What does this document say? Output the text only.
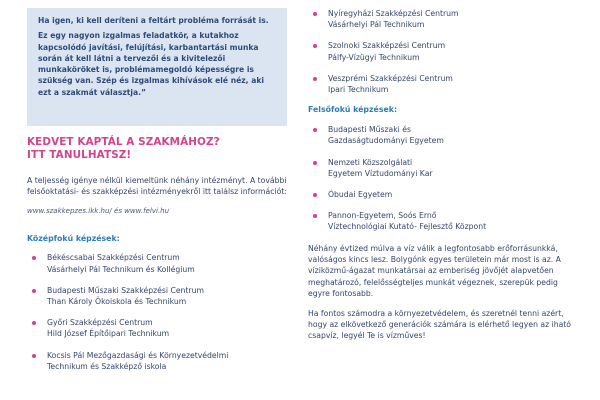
Ha igen, ki kell deríteni a feltárt probléma forrását is.

Ez egy nagyon izgalmas feladatkör, a kutakhoz kapcsolódó javítási, felújítási, karbantartási munka során át kell látni a tervezői és a kivitelezői munkaköröket is, problémamegoldó képességre is szükség van. Szép és izgalmas kihívások elé néz, aki ezt a szakmát választja.”

KEDVET KAPTÁL A SZAKMÁHOZ?
ITT TANULHATSZ!

A teljesség igénye nélkül kiemeltünk néhány intézményt. A további felsőoktatási- és szakképzési intézményekről itt találsz információt:

www.szakkepzes.ikk.hu/ és www.felvi.hu

Középfokú képzések:
Békéscsabai Szakképzési Centrum
Vásárhelyi Pál Technikum és Kollégium
Budapesti Műszaki Szakképzési Centrum
Than Károly Ökoiskola és Technikum
Győri Szakképzési Centrum
Hild József Építőipari Technikum
Kocsis Pál Mezőgazdasági és Környezetvédelmi
Technikum és Szakképző iskola
Nyíregyházi Szakképzési Centrum
Vásárhelyi Pál Technikum
Szolnoki Szakképzési Centrum
Pálfy-Vízügyi Technikum
Veszprémi Szakképzési Centrum
Ipari Technikum
Felsőfokú képzések:
Budapesti Műszaki és
Gazdaságtudományi Egyetem
Nemzeti Közszolgálati
Egyetem Víztudományi Kar
Óbudai Egyetem
Pannon-Egyetem, Soós Ernő
Víztechnológiai Kutató- Fejlesztő Központ

Néhány évtized múlva a víz válik a legfontosabb erőforrásunkká, valóságos kincs lesz. Bolygónk egyes területein már most is az. A víziközmű-ágazat munkatársai az emberiség jövőjét alapvetően meghatározó, felelősségteljes munkát végeznek, szerepük pedig egyre fontosabb.

Ha fontos számodra a környezetvédelem, és szeretnél tenni azért, hogy az elkövetkező generációk számára is elérhető legyen az iható csapvíz, legyél Te is vízműves!
